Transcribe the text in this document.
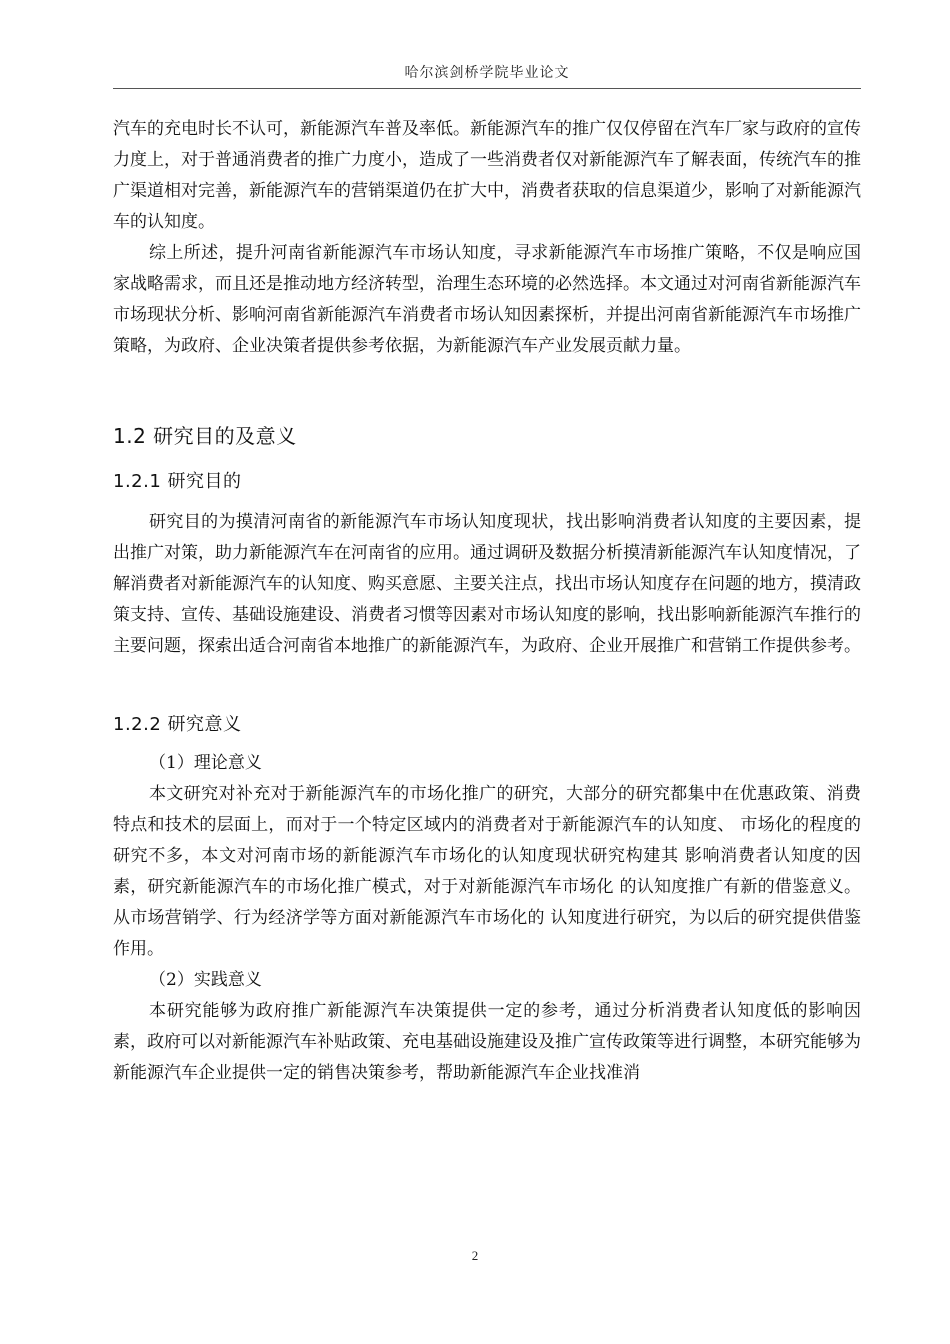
哈尔滨剑桥学院毕业论文

汽车的充电时长不认可，新能源汽车普及率低。新能源汽车的推广仅仅停留在汽车厂家与政府的宣传力度上，对于普通消费者的推广力度小，造成了一些消费者仅对新能源汽车了解表面，传统汽车的推广渠道相对完善，新能源汽车的营销渠道仍在扩大中，消费者获取的信息渠道少，影响了对新能源汽车的认知度。

综上所述，提升河南省新能源汽车市场认知度，寻求新能源汽车市场推广策略，不仅是响应国家战略需求，而且还是推动地方经济转型，治理生态环境的必然选择。本文通过对河南省新能源汽车市场现状分析、影响河南省新能源汽车消费者市场认知因素探析，并提出河南省新能源汽车市场推广策略，为政府、企业决策者提供参考依据，为新能源汽车产业发展贡献力量。

1.2 研究目的及意义
1.2.1 研究目的

研究目的为摸清河南省的新能源汽车市场认知度现状，找出影响消费者认知度的主要因素，提出推广对策，助力新能源汽车在河南省的应用。通过调研及数据分析摸清新能源汽车认知度情况，了解消费者对新能源汽车的认知度、购买意愿、主要关注点，找出市场认知度存在问题的地方，摸清政策支持、宣传、基础设施建设、消费者习惯等因素对市场认知度的影响，找出影响新能源汽车推行的主要问题，探索出适合河南省本地推广的新能源汽车，为政府、企业开展推广和营销工作提供参考。

1.2.2 研究意义

（1）理论意义

本文研究对补充对于新能源汽车的市场化推广的研究，大部分的研究都集中在优惠政策、消费特点和技术的层面上，而对于一个特定区域内的消费者对于新能源汽车的认知度、 市场化的程度的研究不多，本文对河南市场的新能源汽车市场化的认知度现状研究构建其 影响消费者认知度的因素，研究新能源汽车的市场化推广模式，对于对新能源汽车市场化 的认知度推广有新的借鉴意义。从市场营销学、行为经济学等方面对新能源汽车市场化的 认知度进行研究，为以后的研究提供借鉴作用。

（2）实践意义

本研究能够为政府推广新能源汽车决策提供一定的参考，通过分析消费者认知度低的影响因素，政府可以对新能源汽车补贴政策、充电基础设施建设及推广宣传政策等进行调整，本研究能够为新能源汽车企业提供一定的销售决策参考，帮助新能源汽车企业找准消

2
